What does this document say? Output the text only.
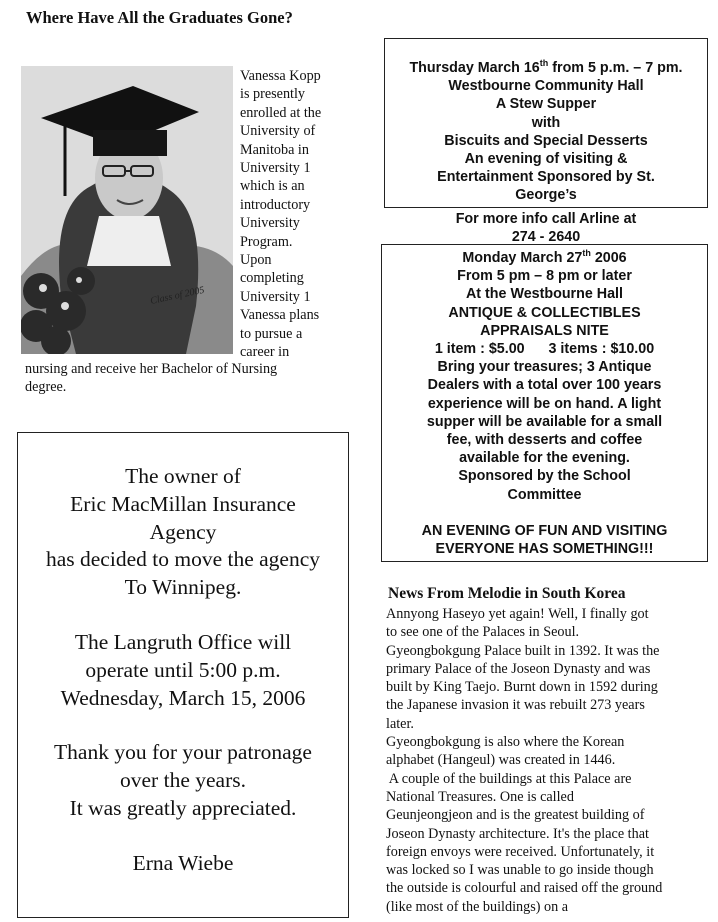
Where Have All the Graduates Gone?
Class of 2005
Vanessa Kopp
is presently
enrolled at the
University of
Manitoba in
University 1
which is an
introductory
University
Program.
Upon
completing
University 1
Vanessa plans
to pursue a
career in
nursing and receive her Bachelor of Nursing
degree.

The owner of

Eric MacMillan Insurance

Agency

has decided to move the agency

To Winnipeg.

The Langruth Office will

operate until 5:00 p.m.

Wednesday, March 15, 2006

Thank you for your patronage

over the years.

It was greatly appreciated.

Erna Wiebe

Thursday March 16th from 5 p.m. – 7 pm.
Westbourne Community Hall
A Stew Supper
with
Biscuits and Special Desserts
An evening of visiting &
Entertainment Sponsored by St.
George’s
For more info call Arline at
274 - 2640
Monday March 27th 2006
From 5 pm – 8 pm or later
At the Westbourne Hall
ANTIQUE & COLLECTIBLES
APPRAISALS NITE
1 item : $5.00      3 items : $10.00
Bring your treasures; 3 Antique
Dealers with a total over 100 years
experience will be on hand. A light
supper will be available for a small
fee, with desserts and coffee
available for the evening.
Sponsored by the School
Committee
AN EVENING OF FUN AND VISITING
EVERYONE HAS SOMETHING!!!
News From Melodie in South Korea

Annyong Haseyo yet again! Well, I finally got

to see one of the Palaces in Seoul.

Gyeongbokgung Palace built in 1392. It was the

primary Palace of the Joseon Dynasty and was

built by King Taejo. Burnt down in 1592 during

the Japanese invasion it was rebuilt 273 years

later.

Gyeongbokgung is also where the Korean

alphabet (Hangeul) was created in 1446.

A couple of the buildings at this Palace are

National Treasures. One is called

Geunjeongjeon and is the greatest building of

Joseon Dynasty architecture. It's the place that

foreign envoys were received. Unfortunately, it

was locked so I was unable to go inside though

the outside is colourful and raised off the ground

(like most of the buildings) on a
